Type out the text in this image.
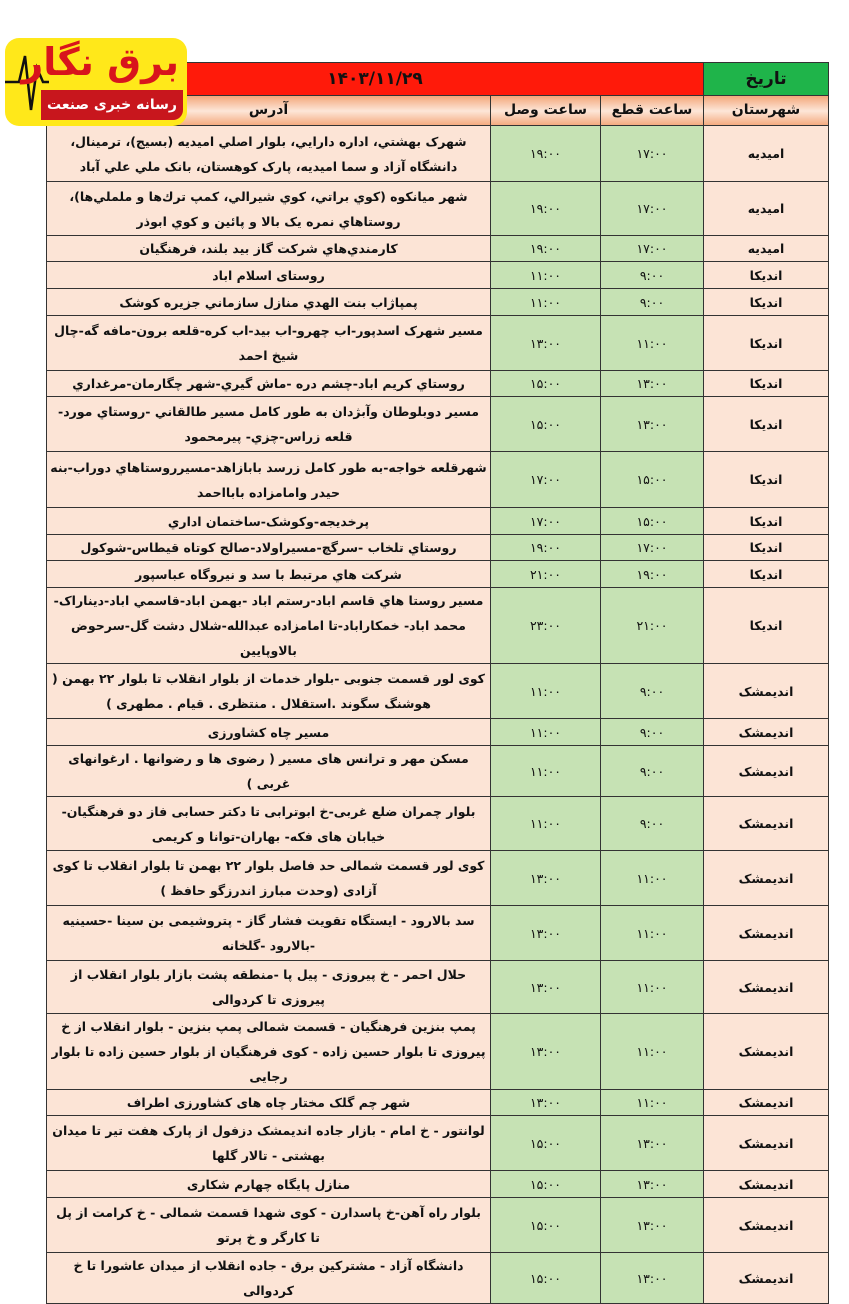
برق نگار
رسانه خبری صنعت
تاریخ	۱۴۰۳/۱۱/۲۹		
شهرستان	ساعت قطع	ساعت وصل	آدرس
امیدیه	۱۷:۰۰	۱۹:۰۰	شهرک بهشتي، اداره دارايي، بلوار اصلي اميديه (بسيج)، ترمينال، دانشگاه آزاد و سما اميديه، پارک کوهستان، بانک ملي علي آباد
امیدیه	۱۷:۰۰	۱۹:۰۰	شهر ميانكوه (كوي براتي، كوي شيرالي، كمپ ترك‌ها و ململي‌ها)، روستاهاي نمره يک بالا و پائين و كوي ابوذر
امیدیه	۱۷:۰۰	۱۹:۰۰	كارمندي‌هاي شركت گاز بيد بلند، فرهنگيان
اندیکا	۹:۰۰	۱۱:۰۰	روستای اسلام اباد
اندیکا	۹:۰۰	۱۱:۰۰	پمپاژاب بنت الهدي منازل سازماني جزيره کوشک
اندیکا	۱۱:۰۰	۱۳:۰۰	مسير شهرک اسدپور-اب چهرو-اب بيد-اب کره-قلعه برون-مافه گه-چال شيخ احمد
اندیکا	۱۳:۰۰	۱۵:۰۰	روستاي کريم اباد-چشم دره -ماش گيري-شهر چگارمان-مرغداري
اندیکا	۱۳:۰۰	۱۵:۰۰	مسير دوبلوطان وآبژدان به طور کامل مسير طالقاني -روستاي مورد-قلعه زراس-چزي- پيرمحمود
اندیکا	۱۵:۰۰	۱۷:۰۰	شهرقلعه خواجه-به طور کامل زرسد بابازاهد-مسيرروستاهاي دوراب-بنه حيدر وامامزاده بابااحمد
اندیکا	۱۵:۰۰	۱۷:۰۰	پرخديجه-وکوشک-ساختمان اداري
اندیکا	۱۷:۰۰	۱۹:۰۰	روستاي تلخاب -سرگچ-مسيراولاد-صالح کوتاه قيطاس-شوکول
اندیکا	۱۹:۰۰	۲۱:۰۰	شرکت هاي مرتبط با سد و نيروگاه عباسپور
اندیکا	۲۱:۰۰	۲۳:۰۰	مسير روستا هاي قاسم اباد-رستم اباد -بهمن اباد-قاسمي اباد-ديناراک- محمد اباد- خمکاراباد-تا امامزاده عبدالله-شلال دشت گل-سرحوض بالاوپايين
اندیمشک	۹:۰۰	۱۱:۰۰	کوی لور قسمت جنوبی -بلوار خدمات از بلوار انقلاب تا بلوار ۲۲ بهمن ( هوشنگ سگوند .استقلال . منتظری . قیام . مطهری )
اندیمشک	۹:۰۰	۱۱:۰۰	مسیر چاه کشاورزی
اندیمشک	۹:۰۰	۱۱:۰۰	مسکن مهر و ترانس های مسیر ( رضوی ها و رضوانها . ارغوانهای غربی )
اندیمشک	۹:۰۰	۱۱:۰۰	بلوار چمران ضلع غربی-خ ابوترابی تا دکتر حسابی فاز دو فرهنگیان- خیابان های فکه- بهاران-توانا و کریمی
اندیمشک	۱۱:۰۰	۱۳:۰۰	کوی لور قسمت شمالی حد فاصل بلوار ۲۲ بهمن تا بلوار انقلاب تا کوی آزادی (وحدت مبارز اندرزگو حافظ )
اندیمشک	۱۱:۰۰	۱۳:۰۰	سد بالارود - ایستگاه تقویت فشار گاز - پتروشیمی بن سینا -حسینیه -بالارود -گلخانه
اندیمشک	۱۱:۰۰	۱۳:۰۰	حلال احمر - خ پیروزی - پیل پا -منطقه پشت بازار بلوار انقلاب از پیروزی تا کردوالی
اندیمشک	۱۱:۰۰	۱۳:۰۰	پمپ بنزین فرهنگیان - قسمت شمالی پمپ بنزین - بلوار انقلاب از خ پیروزی تا بلوار حسین زاده - کوی فرهنگیان از بلوار حسین زاده تا بلوار رجایی
اندیمشک	۱۱:۰۰	۱۳:۰۰	شهر چم گلک مختار چاه های کشاورزی اطراف
اندیمشک	۱۳:۰۰	۱۵:۰۰	لوانتور - خ امام - بازار جاده اندیمشک دزفول از پارک هفت تیر تا میدان بهشتی - تالار گلها
اندیمشک	۱۳:۰۰	۱۵:۰۰	منازل پایگاه چهارم شکاری
اندیمشک	۱۳:۰۰	۱۵:۰۰	بلوار راه آهن-خ پاسدارن - کوی شهدا قسمت شمالی - خ کرامت از پل تا کارگر و خ پرتو
اندیمشک	۱۳:۰۰	۱۵:۰۰	دانشگاه آزاد - مشترکین برق - جاده انقلاب از میدان عاشورا تا خ کردوالی
